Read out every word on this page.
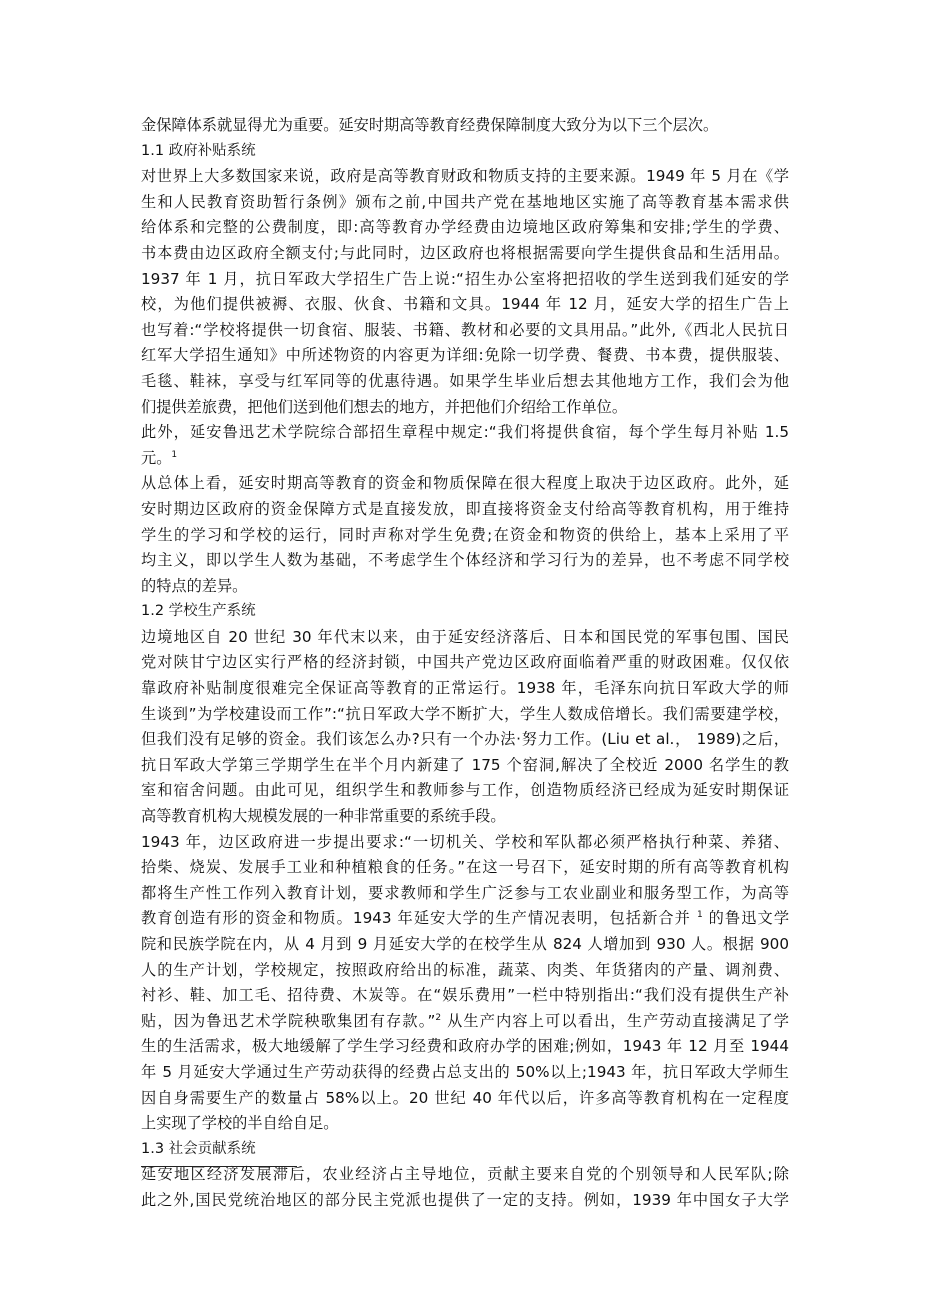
金保障体系就显得尤为重要。延安时期高等教育经费保障制度大致分为以下三个层次。
1.1 政府补贴系统
对世界上大多数国家来说，政府是高等教育财政和物质支持的主要来源。1949 年 5 月在《学
生和人民教育资助暂行条例》颁布之前,中国共产党在基地地区实施了高等教育基本需求供
给体系和完整的公费制度，即:高等教育办学经费由边境地区政府筹集和安排;学生的学费、
书本费由边区政府全额支付;与此同时，边区政府也将根据需要向学生提供食品和生活用品。
1937 年 1 月，抗日军政大学招生广告上说:“招生办公室将把招收的学生送到我们延安的学
校，为他们提供被褥、衣服、伙食、书籍和文具。1944 年 12 月，延安大学的招生广告上
也写着:“学校将提供一切食宿、服装、书籍、教材和必要的文具用品。”此外,《西北人民抗日
红军大学招生通知》中所述物资的内容更为详细:免除一切学费、餐费、书本费，提供服装、
毛毯、鞋袜，享受与红军同等的优惠待遇。如果学生毕业后想去其他地方工作，我们会为他
们提供差旅费，把他们送到他们想去的地方，并把他们介绍给工作单位。
此外，延安鲁迅艺术学院综合部招生章程中规定:“我们将提供食宿，每个学生每月补贴 1.5
元。$^1$
从总体上看，延安时期高等教育的资金和物质保障在很大程度上取决于边区政府。此外，延
安时期边区政府的资金保障方式是直接发放，即直接将资金支付给高等教育机构，用于维持
学生的学习和学校的运行，同时声称对学生免费;在资金和物资的供给上，基本上采用了平
均主义，即以学生人数为基础，不考虑学生个体经济和学习行为的差异，也不考虑不同学校
的特点的差异。
1.2 学校生产系统
边境地区自 20 世纪 30 年代末以来，由于延安经济落后、日本和国民党的军事包围、国民
党对陕甘宁边区实行严格的经济封锁，中国共产党边区政府面临着严重的财政困难。仅仅依
靠政府补贴制度很难完全保证高等教育的正常运行。1938 年，毛泽东向抗日军政大学的师
生谈到”为学校建设而工作”:“抗日军政大学不断扩大，学生人数成倍增长。我们需要建学校，
但我们没有足够的资金。我们该怎么办?只有一个办法·努力工作。(Liu et al.， 1989)之后，
抗日军政大学第三学期学生在半个月内新建了 175 个窑洞,解决了全校近 2000 名学生的教
室和宿舍问题。由此可见，组织学生和教师参与工作，创造物质经济已经成为延安时期保证
高等教育机构大规模发展的一种非常重要的系统手段。
1943 年，边区政府进一步提出要求:“一切机关、学校和军队都必须严格执行种菜、养猪、
拾柴、烧炭、发展手工业和种植粮食的任务。”在这一号召下，延安时期的所有高等教育机构
都将生产性工作列入教育计划，要求教师和学生广泛参与工农业副业和服务型工作，为高等
教育创造有形的资金和物质。1943 年延安大学的生产情况表明，包括新合并 $^1$ 的鲁迅文学
院和民族学院在内，从 4 月到 9 月延安大学的在校学生从 824 人增加到 930 人。根据 900
人的生产计划，学校规定，按照政府给出的标准，蔬菜、肉类、年货猪肉的产量、调剂费、
衬衫、鞋、加工毛、招待费、木炭等。在“娱乐费用”一栏中特别指出:“我们没有提供生产补
贴，因为鲁迅艺术学院秧歌集团有存款。”$^2$ 从生产内容上可以看出，生产劳动直接满足了学
生的生活需求，极大地缓解了学生学习经费和政府办学的困难;例如，1943 年 12 月至 1944
年 5 月延安大学通过生产劳动获得的经费占总支出的 50%以上;1943 年，抗日军政大学师生
因自身需要生产的数量占 58%以上。20 世纪 40 年代以后，许多高等教育机构在一定程度
上实现了学校的半自给自足。
1.3 社会贡献系统
延安地区经济发展滞后，农业经济占主导地位，贡献主要来自党的个别领导和人民军队;除
此之外,国民党统治地区的部分民主党派也提供了一定的支持。例如，1939 年中国女子大学
